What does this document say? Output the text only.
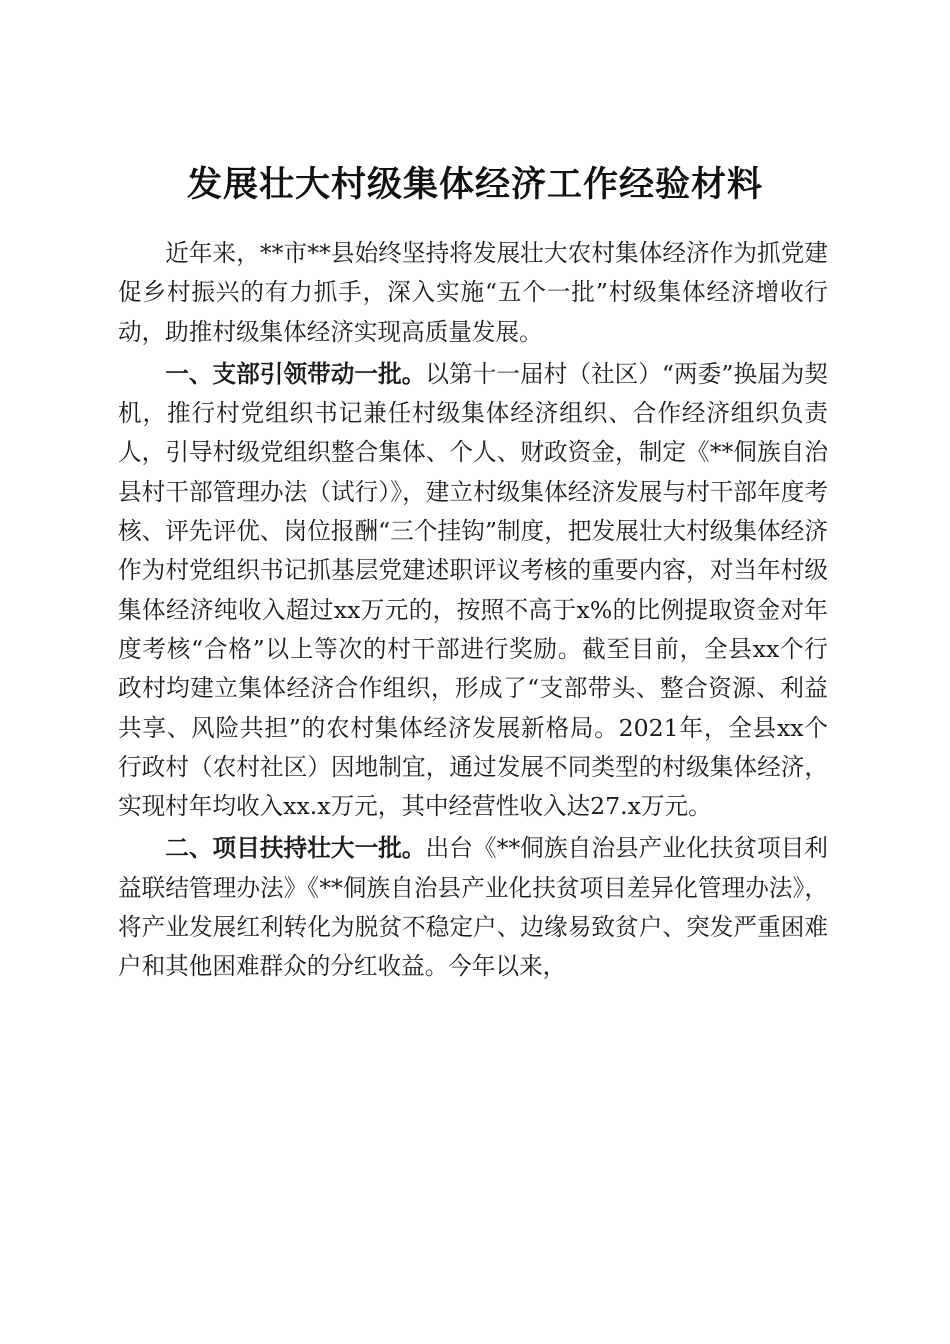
发展壮大村级集体经济工作经验材料

近年来，**市**县始终坚持将发展壮大农村集体经济作为抓党建促乡村振兴的有力抓手，深入实施“五个一批”村级集体经济增收行动，助推村级集体经济实现高质量发展。

一、支部引领带动一批。以第十一届村（社区）“两委”换届为契机，推行村党组织书记兼任村级集体经济组织、合作经济组织负责人，引导村级党组织整合集体、个人、财政资金，制定《**侗族自治县村干部管理办法（试行）》，建立村级集体经济发展与村干部年度考核、评先评优、岗位报酬“三个挂钩”制度，把发展壮大村级集体经济作为村党组织书记抓基层党建述职评议考核的重要内容，对当年村级集体经济纯收入超过xx万元的，按照不高于x%的比例提取资金对年度考核“合格”以上等次的村干部进行奖励。截至目前，全县xx个行政村均建立集体经济合作组织，形成了“支部带头、整合资源、利益共享、风险共担”的农村集体经济发展新格局。2021年，全县xx个行政村（农村社区）因地制宜，通过发展不同类型的村级集体经济，实现村年均收入xx.x万元，其中经营性收入达27.x万元。

二、项目扶持壮大一批。出台《**侗族自治县产业化扶贫项目利益联结管理办法》《**侗族自治县产业化扶贫项目差异化管理办法》，将产业发展红利转化为脱贫不稳定户、边缘易致贫户、突发严重困难户和其他困难群众的分红收益。今年以来，
